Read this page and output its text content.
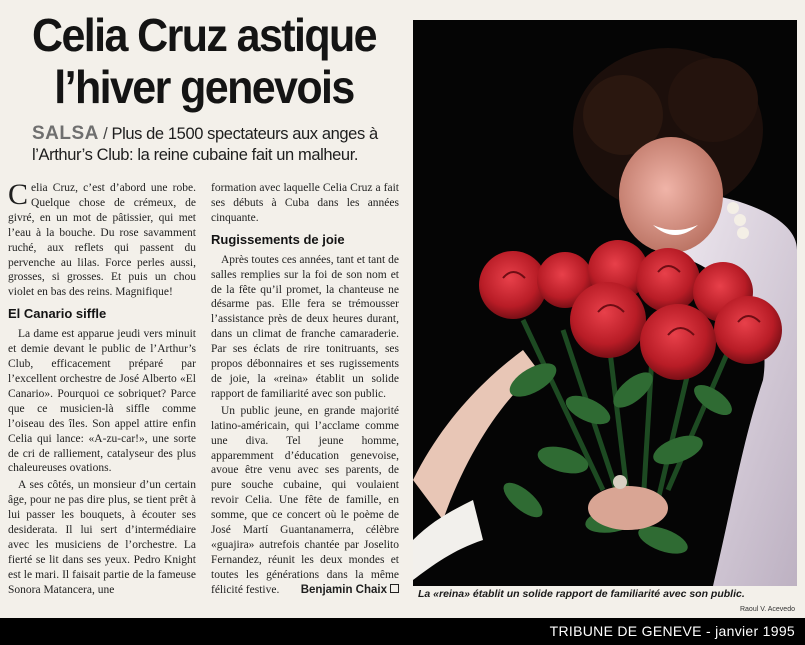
Celia Cruz astique
l’hiver genevois
SALSA / Plus de 1500 spectateurs aux anges à l’Arthur’s Club: la reine cubaine fait un malheur.

Celia Cruz, c’est d’abord une robe. Quelque chose de crémeux, de givré, en un mot de pâtissier, qui met l’eau à la bouche. Du rose savamment ruché, aux reflets qui passent du pervenche au lilas. Force perles aussi, grosses, si grosses. Et puis un chou violet en bas des reins. Magnifique!

El Canario siffle

La dame est apparue jeudi vers minuit et demie devant le public de l’Arthur’s Club, efficacement préparé par l’excellent orchestre de José Alberto «El Canario». Pourquoi ce sobriquet? Parce que ce musicien-là siffle comme l’oiseau des îles. Son appel attire enfin Celia qui lance: «A-zu-car!», une sorte de cri de ralliement, catalyseur des plus chaleureuses ovations.

A ses côtés, un monsieur d’un certain âge, pour ne pas dire plus, se tient prêt à lui passer les bouquets, à écouter ses desiderata. Il lui sert d’intermédiaire avec les musiciens de l’orchestre. La fierté se lit dans ses yeux. Pedro Knight est le mari. Il faisait partie de la fameuse Sonora Matancera, une

formation avec laquelle Celia Cruz a fait ses débuts à Cuba dans les années cinquante.

Rugissements de joie

Après toutes ces années, tant et tant de salles remplies sur la foi de son nom et de la fête qu’il promet, la chanteuse ne désarme pas. Elle fera se trémousser l’assistance près de deux heures durant, dans un climat de franche camaraderie. Par ses éclats de rire tonitruants, ses propos débonnaires et ses rugissements de joie, la «reina» établit un solide rapport de familiarité avec son public.

Un public jeune, en grande majorité latino-américain, qui l’acclame comme une diva. Tel jeune homme, apparemment d’éducation genevoise, avoue être venu avec ses parents, de pure souche cubaine, qui voulaient revoir Celia. Une fête de famille, en somme, que ce concert où le poème de José Martí Guantanamerra, célèbre «guajira» autrefois chantée par Joselito Fernandez, réunit les deux mondes et toutes les générations dans la même félicité festive.	Benjamin Chaix	La «reina» établit un solide rapport de familiarité avec son public.
Raoul V. Acevedo
TRIBUNE DE GENEVE - janvier 1995
